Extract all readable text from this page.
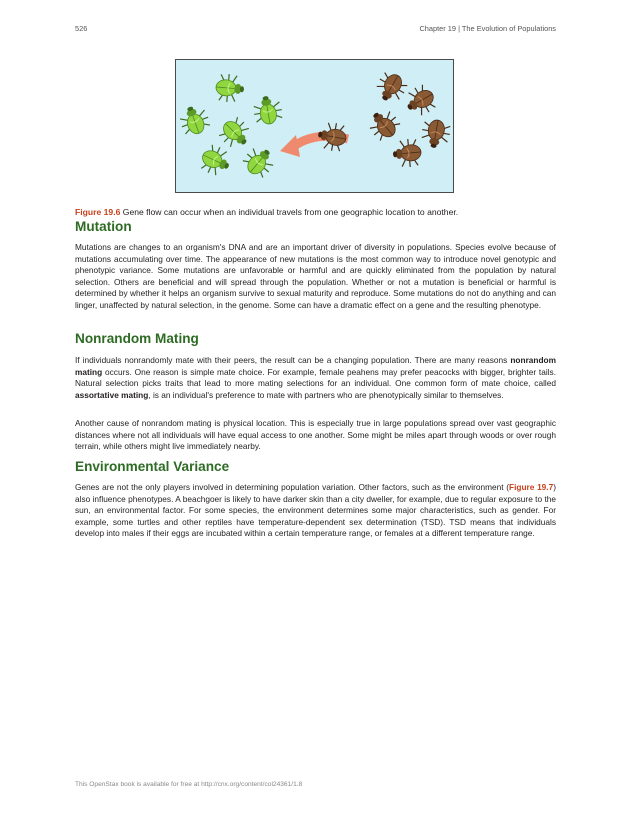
526	Chapter 19 | The Evolution of Populations

Figure 19.6 Gene flow can occur when an individual travels from one geographic location to another.

Mutation

Mutations are changes to an organism's DNA and are an important driver of diversity in populations. Species evolve because of mutations accumulating over time. The appearance of new mutations is the most common way to introduce novel genotypic and phenotypic variance. Some mutations are unfavorable or harmful and are quickly eliminated from the population by natural selection. Others are beneficial and will spread through the population. Whether or not a mutation is beneficial or harmful is determined by whether it helps an organism survive to sexual maturity and reproduce. Some mutations do not do anything and can linger, unaffected by natural selection, in the genome. Some can have a dramatic effect on a gene and the resulting phenotype.

Nonrandom Mating

If individuals nonrandomly mate with their peers, the result can be a changing population. There are many reasons nonrandom mating occurs. One reason is simple mate choice. For example, female peahens may prefer peacocks with bigger, brighter tails. Natural selection picks traits that lead to more mating selections for an individual. One common form of mate choice, called assortative mating, is an individual's preference to mate with partners who are phenotypically similar to themselves.

Another cause of nonrandom mating is physical location. This is especially true in large populations spread over vast geographic distances where not all individuals will have equal access to one another. Some might be miles apart through woods or over rough terrain, while others might live immediately nearby.

Environmental Variance

Genes are not the only players involved in determining population variation. Other factors, such as the environment (Figure 19.7) also influence phenotypes. A beachgoer is likely to have darker skin than a city dweller, for example, due to regular exposure to the sun, an environmental factor. For some species, the environment determines some major characteristics, such as gender. For example, some turtles and other reptiles have temperature-dependent sex determination (TSD). TSD means that individuals develop into males if their eggs are incubated within a certain temperature range, or females at a different temperature range.

This OpenStax book is available for free at http://cnx.org/content/col24361/1.8
